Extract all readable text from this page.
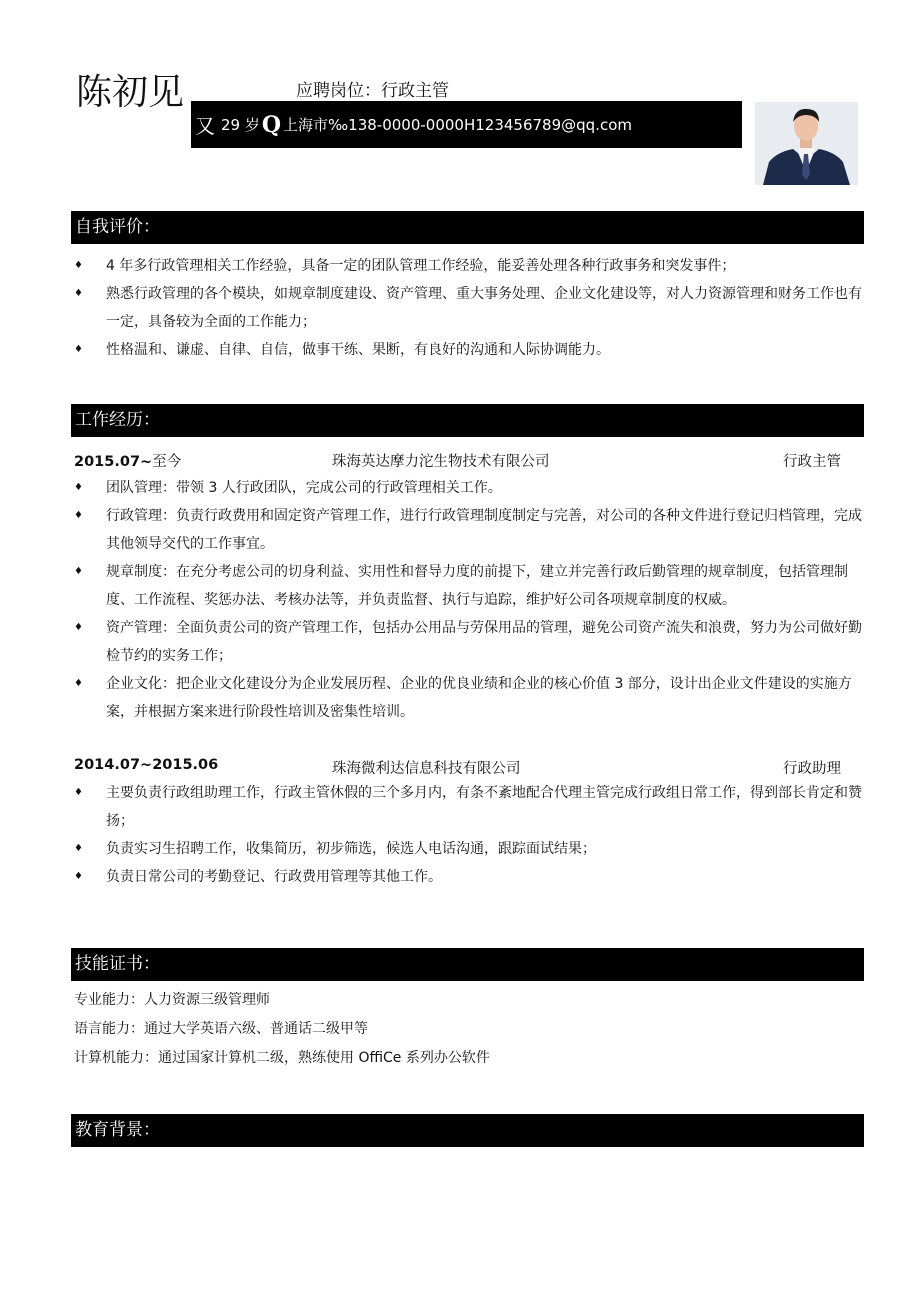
陈初见	应聘岗位：行政主管
又 29 岁 Q 上海市‰138-0000-0000H123456789@qq.com
自我评价：
♦ 4 年多行政管理相关工作经验，具备一定的团队管理工作经验，能妥善处理各种行政事务和突发事件；
♦ 熟悉行政管理的各个模块，如规章制度建设、资产管理、重大事务处理、企业文化建设等，对人力资源管理和财务工作也有一定，具备较为全面的工作能力；
♦ 性格温和、谦虚、自律、自信，做事干练、果断，有良好的沟通和人际协调能力。
工作经历：
2015.07~至今	珠海英达摩力沱生物技术有限公司	行政主管
♦ 团队管理：带领 3 人行政团队，完成公司的行政管理相关工作。
♦ 行政管理：负责行政费用和固定资产管理工作，进行行政管理制度制定与完善，对公司的各种文件进行登记归档管理，完成其他领导交代的工作事宜。
♦ 规章制度：在充分考虑公司的切身利益、实用性和督导力度的前提下，建立并完善行政后勤管理的规章制度，包括管理制度、工作流程、奖惩办法、考核办法等，并负责监督、执行与追踪，维护好公司各项规章制度的权威。
♦ 资产管理：全面负责公司的资产管理工作，包括办公用品与劳保用品的管理，避免公司资产流失和浪费，努力为公司做好勤检节约的实务工作；
♦ 企业文化：把企业文化建设分为企业发展历程、企业的优良业绩和企业的核心价值 3 部分，设计出企业文件建设的实施方案，并根据方案来进行阶段性培训及密集性培训。
2014.07~2015.06	珠海微利达信息科技有限公司	行政助理
♦ 主要负责行政组助理工作，行政主管休假的三个多月内，有条不紊地配合代理主管完成行政组日常工作，得到部长肯定和赞扬；
♦ 负责实习生招聘工作，收集简历，初步筛选，候选人电话沟通，跟踪面试结果；
♦ 负责日常公司的考勤登记、行政费用管理等其他工作。
技能证书：
专业能力：人力资源三级管理师
语言能力：通过大学英语六级、普通话二级甲等
计算机能力：通过国家计算机二级，熟练使用 OffiCe 系列办公软件
教育背景：
